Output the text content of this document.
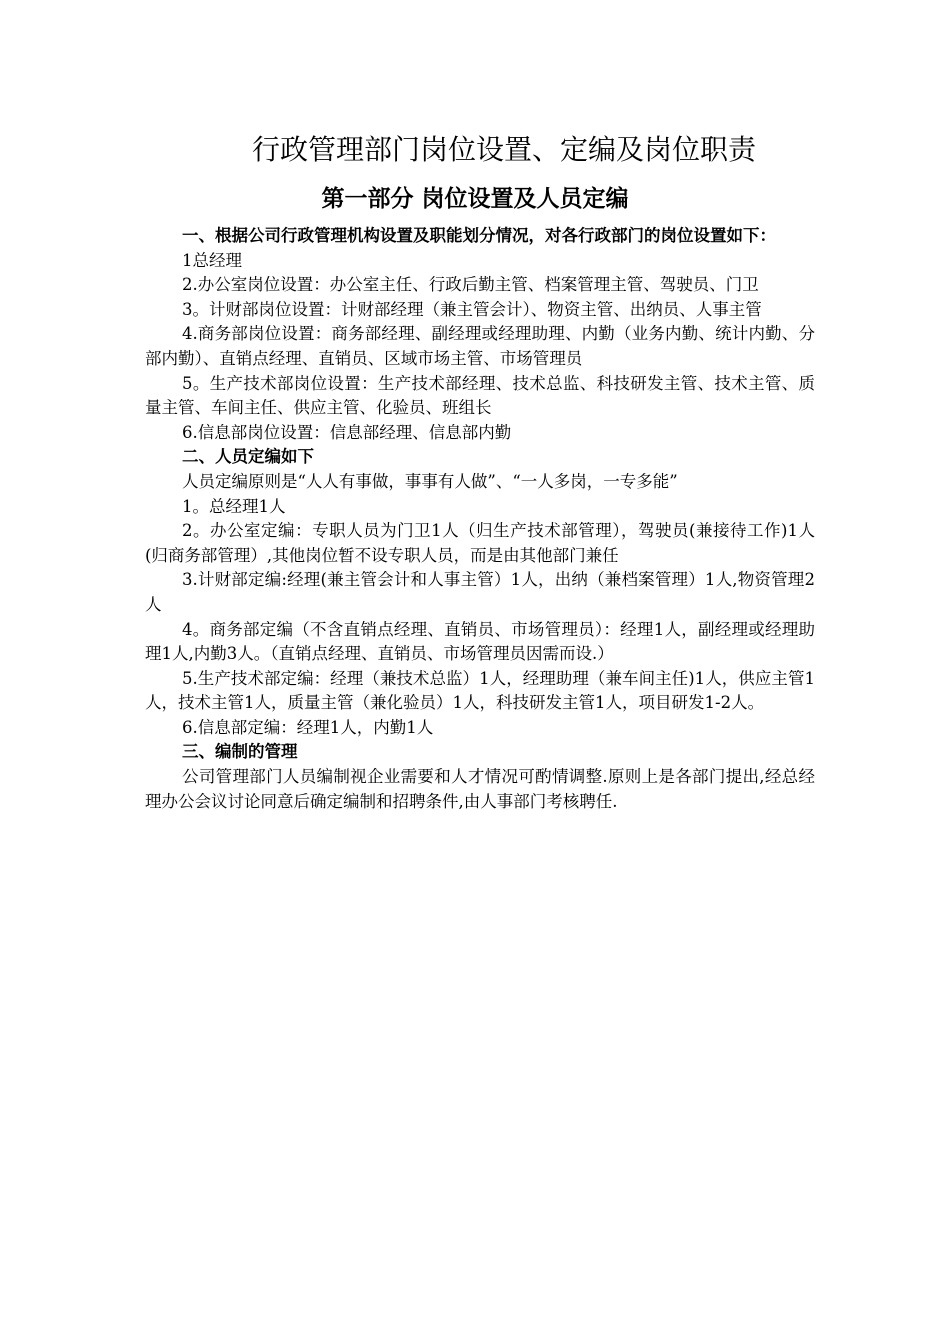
行政管理部门岗位设置、定编及岗位职责
第一部分 岗位设置及人员定编

一、根据公司行政管理机构设置及职能划分情况，对各行政部门的岗位设置如下：

1总经理

2.办公室岗位设置：办公室主任、行政后勤主管、档案管理主管、驾驶员、门卫

3。计财部岗位设置：计财部经理（兼主管会计）、物资主管、出纳员、人事主管

4.商务部岗位设置：商务部经理、副经理或经理助理、内勤（业务内勤、统计内勤、分部内勤）、直销点经理、直销员、区域市场主管、市场管理员

5。生产技术部岗位设置：生产技术部经理、技术总监、科技研发主管、技术主管、质量主管、车间主任、供应主管、化验员、班组长

6.信息部岗位设置：信息部经理、信息部内勤

二、人员定编如下

人员定编原则是“人人有事做，事事有人做”、“一人多岗，一专多能”

1。总经理1人

2。办公室定编：专职人员为门卫1人（归生产技术部管理），驾驶员(兼接待工作)1人(归商务部管理）,其他岗位暂不设专职人员，而是由其他部门兼任

3.计财部定编:经理(兼主管会计和人事主管）1人，出纳（兼档案管理）1人,物资管理2人

4。商务部定编（不含直销点经理、直销员、市场管理员）：经理1人，副经理或经理助理1人,内勤3人。（直销点经理、直销员、市场管理员因需而设.）

5.生产技术部定编：经理（兼技术总监）1人，经理助理（兼车间主任)1人，供应主管1人，技术主管1人，质量主管（兼化验员）1人，科技研发主管1人，项目研发1-2人。

6.信息部定编：经理1人，内勤1人

三、编制的管理

公司管理部门人员编制视企业需要和人才情况可酌情调整.原则上是各部门提出,经总经理办公会议讨论同意后确定编制和招聘条件,由人事部门考核聘任.
